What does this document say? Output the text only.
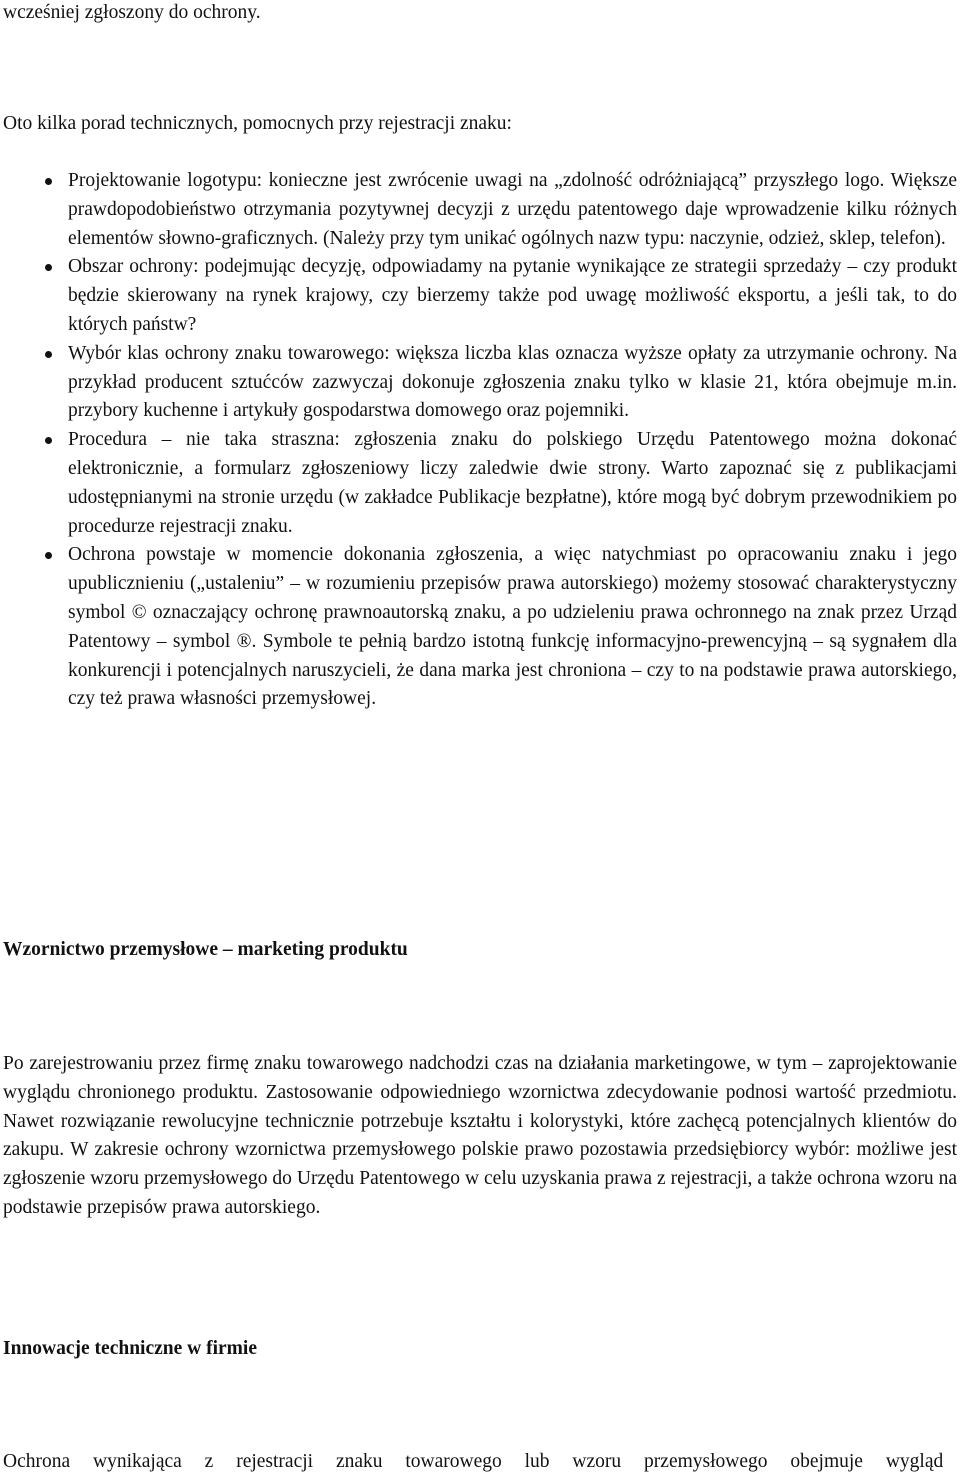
wcześniej zgłoszony do ochrony.

Oto kilka porad technicznych, pomocnych przy rejestracji znaku:

Projektowanie logotypu: konieczne jest zwrócenie uwagi na „zdolność odróżniającą” przyszłego logo. Większe prawdopodobieństwo otrzymania pozytywnej decyzji z urzędu patentowego daje wprowadzenie kilku różnych elementów słowno-graficznych. (Należy przy tym unikać ogólnych nazw typu: naczynie, odzież, sklep, telefon).
Obszar ochrony: podejmując decyzję, odpowiadamy na pytanie wynikające ze strategii sprzedaży – czy produkt będzie skierowany na rynek krajowy, czy bierzemy także pod uwagę możliwość eksportu, a jeśli tak, to do których państw?
Wybór klas ochrony znaku towarowego: większa liczba klas oznacza wyższe opłaty za utrzymanie ochrony. Na przykład producent sztućców zazwyczaj dokonuje zgłoszenia znaku tylko w klasie 21, która obejmuje m.in. przybory kuchenne i artykuły gospodarstwa domowego oraz pojemniki.
Procedura – nie taka straszna: zgłoszenia znaku do polskiego Urzędu Patentowego można dokonać elektronicznie, a formularz zgłoszeniowy liczy zaledwie dwie strony. Warto zapoznać się z publikacjami udostępnianymi na stronie urzędu (w zakładce Publikacje bezpłatne), które mogą być dobrym przewodnikiem po procedurze rejestracji znaku.
Ochrona powstaje w momencie dokonania zgłoszenia, a więc natychmiast po opracowaniu znaku i jego upublicznieniu („ustaleniu” – w rozumieniu przepisów prawa autorskiego) możemy stosować charakterystyczny symbol © oznaczający ochronę prawnoautorską znaku, a po udzieleniu prawa ochronnego na znak przez Urząd Patentowy – symbol ®. Symbole te pełnią bardzo istotną funkcję informacyjno-prewencyjną – są sygnałem dla konkurencji i potencjalnych naruszycieli, że dana marka jest chroniona – czy to na podstawie prawa autorskiego, czy też prawa własności przemysłowej.
Wzornictwo przemysłowe – marketing produktu

Po zarejestrowaniu przez firmę znaku towarowego nadchodzi czas na działania marketingowe, w tym – zaprojektowanie wyglądu chronionego produktu. Zastosowanie odpowiedniego wzornictwa zdecydowanie podnosi wartość przedmiotu. Nawet rozwiązanie rewolucyjne technicznie potrzebuje kształtu i kolorystyki, które zachęcą potencjalnych klientów do zakupu. W zakresie ochrony wzornictwa przemysłowego polskie prawo pozostawia przedsiębiorcy wybór: możliwe jest zgłoszenie wzoru przemysłowego do Urzędu Patentowego w celu uzyskania prawa z rejestracji, a także ochrona wzoru na podstawie przepisów prawa autorskiego.

Innowacje techniczne w firmie

Ochrona wynikająca z rejestracji znaku towarowego lub wzoru przemysłowego obejmuje wygląd
